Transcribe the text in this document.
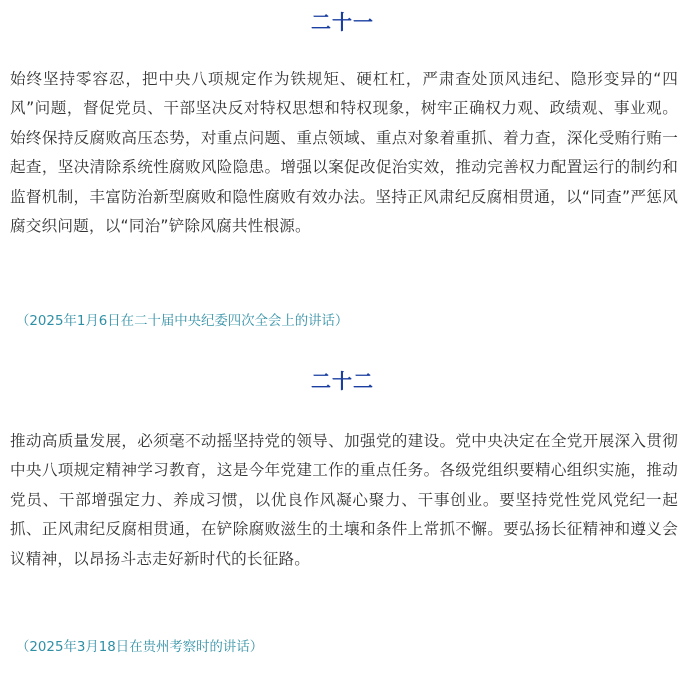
二十一

始终坚持零容忍，把中央八项规定作为铁规矩、硬杠杠，严肃查处顶风违纪、隐形变异的“四风”问题，督促党员、干部坚决反对特权思想和特权现象，树牢正确权力观、政绩观、事业观。始终保持反腐败高压态势，对重点问题、重点领域、重点对象着重抓、着力查，深化受贿行贿一起查，坚决清除系统性腐败风险隐患。增强以案促改促治实效，推动完善权力配置运行的制约和监督机制，丰富防治新型腐败和隐性腐败有效办法。坚持正风肃纪反腐相贯通，以“同查”严惩风腐交织问题，以“同治”铲除风腐共性根源。

（2025年1月6日在二十届中央纪委四次全会上的讲话）
二十二

推动高质量发展，必须毫不动摇坚持党的领导、加强党的建设。党中央决定在全党开展深入贯彻中央八项规定精神学习教育，这是今年党建工作的重点任务。各级党组织要精心组织实施，推动党员、干部增强定力、养成习惯，以优良作风凝心聚力、干事创业。要坚持党性党风党纪一起抓、正风肃纪反腐相贯通，在铲除腐败滋生的土壤和条件上常抓不懈。要弘扬长征精神和遵义会议精神，以昂扬斗志走好新时代的长征路。

（2025年3月18日在贵州考察时的讲话）
